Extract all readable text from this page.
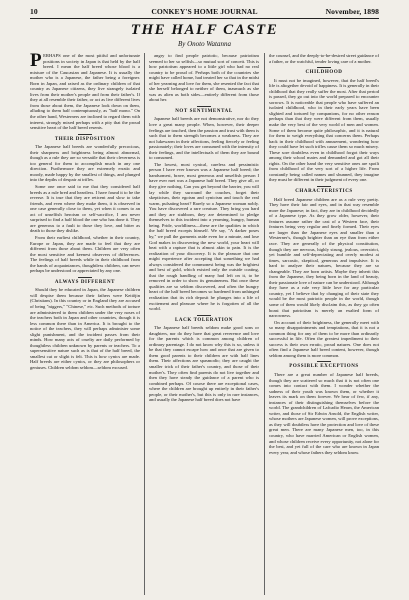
10	CONKEY'S HOME JOURNAL	November, 1898
THE HALF CASTE
By Onoto Watanna

PERHAPS one of the most pitiful and unfortunate positions in society in Japan is that held by the half breed. I mean the half breed whose blood is a mixture of the Caucasian and Japanese. It is usually the mother who is a Japanese, the father being a foreigner. Born in Japan, and raised as the ordinary children of that country as Japanese citizens, they live strangely isolated lives from their mother's people and from their father's. If they at all resemble their father, or act as live different lives from those about them, the Japanese look down on them, alluding to them half contemptuously, as "half mono." On the other hand, Westerners are inclined to regard them with interest, strongly mixed perhaps with a pity that the proud sensitive heart of the half breed resents.

THEIR DISPOSITION

The Japanese half breeds are wonderfully precocious, their sharpness and brightness being almost abnormal, though as a rule they are so versatile that their cleverness is too general for them to accomplish much in any one direction. Furthermore they are extremely erratic and moody, made happy by the smallest of things, and plunged into the depths of despair at trifles.

Some one once said to me that they considered half breeds as a rule bred and heartless. I have found it to be the reverse. It is true that they are reticent and slow to take friends, and even where they make them, it is observed in one case generally close to them, yet when it comes to an act of unselfish heroism or self-sacrifice, I am never surprised to find a half blood the one who has done it. They are generous to a fault to those they love, and bitter as death to those they dislike.

From their earliest childhood, whether in their country, Europe or Japan, they are made to feel that they are different from those about them. Children are very often the most sensitive and keenest observers of differences. The feelings of half breeds while in their childhood from the hands of acquaintances, thoughtless children, can never perhaps be understood or appreciated by any one.

ALWAYS DIFFERENT

Should they be educated in Japan, the Japanese children will despise them because their fathers were Keitôjin (Christians). In this country or in England they are accused of being "niggers," "Chinese," etc. Such methods of torture are administered to them children under the very noses of the teachers both in Japan and other countries, though it is less common there than in America. It is brought to the notice of the teachers, they will perhaps administer some slight punishment, and the incident passes from their minds. How many acts of cruelty are daily performed by thoughtless children unknown by parents or teachers. To a supersensitive nature such as is that of the half breed, the smallest cut or slight is felt. This is how cynics are made. Half breeds are either cynics, or they are philosophers or geniuses. Children seldom seldom—seldom excused.

angry to find people patriotic, because patriotism seemed to her so selfish—so mutual sort of conceit. This is how patriotism appeared to a little girl who had no real country to be proud of. Perhaps both of the countries she might have called home, had treated her so that in the midst of her yearning and love for them, she resented the fact that she herself belonged to neither of them, inasmuch as she was as alien as both sides—entirely different from those about her.

NOT SENTIMENTAL

Japanese half breeds are not demonstrative, nor do they love a great many people. When, however, their deeper feelings are touched, then the passion and trust with them is such that to them strength becomes a weakness. They are not lukewarm in their affections, feeling fiercely or feeling passionately; their loves are consumed with the intensity of their feelings, and the intellectuals of them they are bound to consumed.

The lowest, most cynical, careless and pessimistic person I have ever known was a Japanese half breed; the handsomest, brave, most generous and unselfish person I have ever met was a Japanese half breed. They give all, or they give nothing. Can you get beyond the barrier, you will lay while they surround the couches, forget their skepticism, their egoism and cynicism and touch the real warm, pulsating heart? Rarely so a Japanese woman nobly. You have discovered a rare creature. They bring you hard and they are stubborn, they are determined to pledge themselves to this incident into a yearning, hungry, human being. Pride, worldliness—these are the qualities in which the half breed excepts himself. We say, "A darker poses by," we pull the garments aside even for a minute, and lose God makes in discovering the new world, your heart will beat with a rapture that is almost akin to pain. It is the realization of your discovery. It is the pleasure that one might experience after accepting that something we had always considered the commonest being was the brightest and best of gold, which existed only the outside coating, that the rough handling of many had left on it, to be removed in order to show its genuineness. But once these qualities are so seldom discovered, and often the hungry heart of the half breed becomes so hardened from unhinged realization that its rich deposit he plunges into a life of excitement and pleasure where he is forgotten of all the world.

LACK TOLERATION

The Japanese half breeds seldom make good sons or daughters, nor do they have that great reverence and love for the parents which is common among children of ordinary parentage. I do not know why this is so, unless it be that they cannot escape how and once that are given to them good parents to their children are with half lines them. Their affections are spasmodic; they are caught the smaller trick of their father's country, and those of their mother's. They often find parents do not live together and then they have steady the guidance of a parent who is combined perhaps. Of course there are exceptional cases, where the children are brought up entirely in their father's people, or their mother's, but this is only in rare instances, and usually the Japanese half breed does not have

the counsel, and the deeply-to-be-desired street guidance of a father, or the watchful, tender loving care of a mother.

CHILDHOOD

It must not be imagined, however, that the half breed's life is altogether devoid of happiness. It is generally in their childhood that they really suffer the most. After that period is passed, they go out into the world prepared to encounter sorrows. It is noticeable that people who have suffered an isolated childhood, who in their early years have been slighted and tortured by companions, for no other reason perhaps than that they were different from them, usually make the very best of the very world of men and women. Some of them become quite philosophic, and it is natural for them to weigh everything that concerns them. Perhaps back in their childhood with amusement, wondering how they could have let such trifles cause them so much misery. These sore doubtless even in childhood forgot their ways among their school mates and demanded and got all their rights. On the other hand the very sensitive ones are spoilt from childhood of the very sort of a higher life. From constantly being called names and shunned, they imagine they must be different in their judgment of every one.

CHARACTERISTICS

Half breed Japanese children are as a rule very pretty. They have their fair and eyes, and in that way resemble more the Japanese; in fact, they are in childhood decidedly of a Japanese type. As they grow older, however, their features assume rather the cast of a Western face, their features being very regular and finely formed. Their eyes are larger than the Japanese eyes and smaller than a Westerner's, though brighter than an eye than from either race. They are generally of the physical constitution, though they are nervous, highly strung, jealous, overstrict, yet humble and self-depreciating and overly modest at times, sarcastic, skeptical, generous and impulsive. It is hard to analyze their natures, because they are so changeable. They are born artists. Maybe they inherit this from the Japanese, they being born in the land of beauty, their passionate love of nature can be understood. Although they have as a rule very little love for any particular country, yet I believe that by changing of their state they would be the most patriotic people in the world, though some of them would likely disclaim this, as they go often boast that patriotism is merely an exalted form of narrowness.

On account of their brightness, the generally meet with so many disappointments and temptations, that it is not a common thing for any of them to be more than ordinarily successful in life. Often the greatest impediment to their success is their own erratic, proud natures. One does not often find a Japanese half breed content, however, though seldom among them is more common.

POSSIBLE EXCEPTIONS

There are a great number of Japanese half breeds, though they are scattered so much that it is not often one comes into contact with them. I wonder whether the sadness of their youth was known them, or whether it leaves its mark on them forever. We hear of few, if any, instances of their distinguishing themselves before the world. The grandchildren of Lafcadio Hearn, the American writer, and those of Sir Edwin Arnold, the English writer, whose mothers are Japanese women, will prove exceptions, as they will doubtless have the protection and love of these great men. There are many Japanese men, too, in this country, who have married American or English women, and whose children receive every opportunity, not alone for the best, and yet full of the care who are known in Japan every year, and whose fathers they seldom know.
